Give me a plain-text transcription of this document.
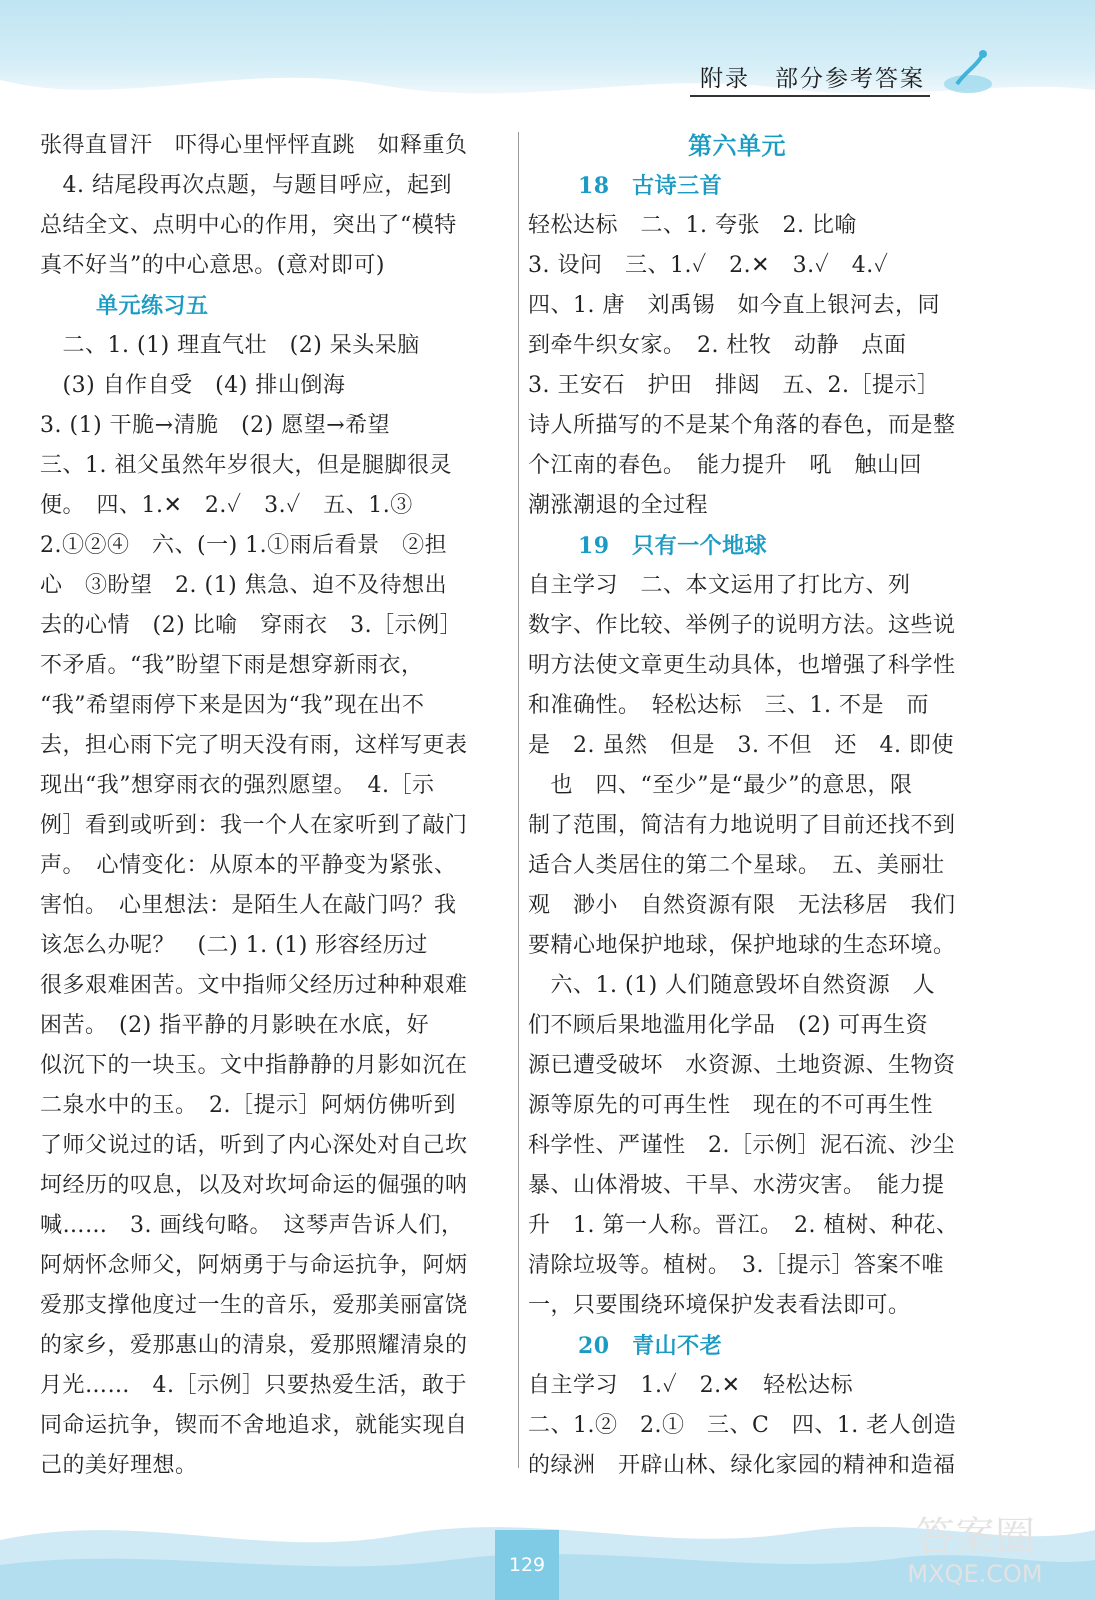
附录　部分参考答案
张得直冒汗　吓得心里怦怦直跳　如释重负
　4. 结尾段再次点题，与题目呼应，起到
总结全文、点明中心的作用，突出了“模特
真不好当”的中心意思。(意对即可)
单元练习五
　二、1. (1) 理直气壮　(2) 呆头呆脑
　(3) 自作自受　(4) 排山倒海
3. (1) 干脆→清脆　(2) 愿望→希望
三、1. 祖父虽然年岁很大，但是腿脚很灵
便。　四、1.✕　2.✓　3.✓　五、1.③
2.①②④　六、(一) 1.①雨后看景　②担
心　③盼望　2. (1) 焦急、迫不及待想出
去的心情　(2) 比喻　穿雨衣　3.［示例］
不矛盾。“我”盼望下雨是想穿新雨衣，
“我”希望雨停下来是因为“我”现在出不
去，担心雨下完了明天没有雨，这样写更表
现出“我”想穿雨衣的强烈愿望。　4.［示
例］看到或听到：我一个人在家听到了敲门
声。　心情变化：从原本的平静变为紧张、
害怕。　心里想法：是陌生人在敲门吗？我
该怎么办呢？　(二) 1. (1) 形容经历过
很多艰难困苦。文中指师父经历过种种艰难
困苦。　(2) 指平静的月影映在水底，好
似沉下的一块玉。文中指静静的月影如沉在
二泉水中的玉。　2.［提示］阿炳仿佛听到
了师父说过的话，听到了内心深处对自己坎
坷经历的叹息，以及对坎坷命运的倔强的呐
喊……　3. 画线句略。　这琴声告诉人们，
阿炳怀念师父，阿炳勇于与命运抗争，阿炳
爱那支撑他度过一生的音乐，爱那美丽富饶
的家乡，爱那惠山的清泉，爱那照耀清泉的
月光……　4.［示例］只要热爱生活，敢于
同命运抗争，锲而不舍地追求，就能实现自
己的美好理想。
第六单元
18　古诗三首
轻松达标　二、1. 夸张　2. 比喻
3. 设问　三、1.✓　2.✕　3.✓　4.✓
四、1. 唐　刘禹锡　如今直上银河去，同
到牵牛织女家。　2. 杜牧　动静　点面
3. 王安石　护田　排闼　五、2.［提示］
诗人所描写的不是某个角落的春色，而是整
个江南的春色。　能力提升　吼　触山回
潮涨潮退的全过程
19　只有一个地球
自主学习　二、本文运用了打比方、列
数字、作比较、举例子的说明方法。这些说
明方法使文章更生动具体，也增强了科学性
和准确性。　轻松达标　三、1. 不是　而
是　2. 虽然　但是　3. 不但　还　4. 即使
　也　四、“至少”是“最少”的意思，限
制了范围，简洁有力地说明了目前还找不到
适合人类居住的第二个星球。　五、美丽壮
观　渺小　自然资源有限　无法移居　我们
要精心地保护地球，保护地球的生态环境。
　六、1. (1) 人们随意毁坏自然资源　人
们不顾后果地滥用化学品　(2) 可再生资
源已遭受破坏　水资源、土地资源、生物资
源等原先的可再生性　现在的不可再生性
科学性、严谨性　2.［示例］泥石流、沙尘
暴、山体滑坡、干旱、水涝灾害。　能力提
升　1. 第一人称。晋江。　2. 植树、种花、
清除垃圾等。植树。　3.［提示］答案不唯
一，只要围绕环境保护发表看法即可。
20　青山不老
自主学习　1.✓　2.✕　轻松达标
二、1.②　2.①　三、C　四、1. 老人创造
的绿洲　开辟山林、绿化家园的精神和造福
129
答案圈
MXQE.COM
